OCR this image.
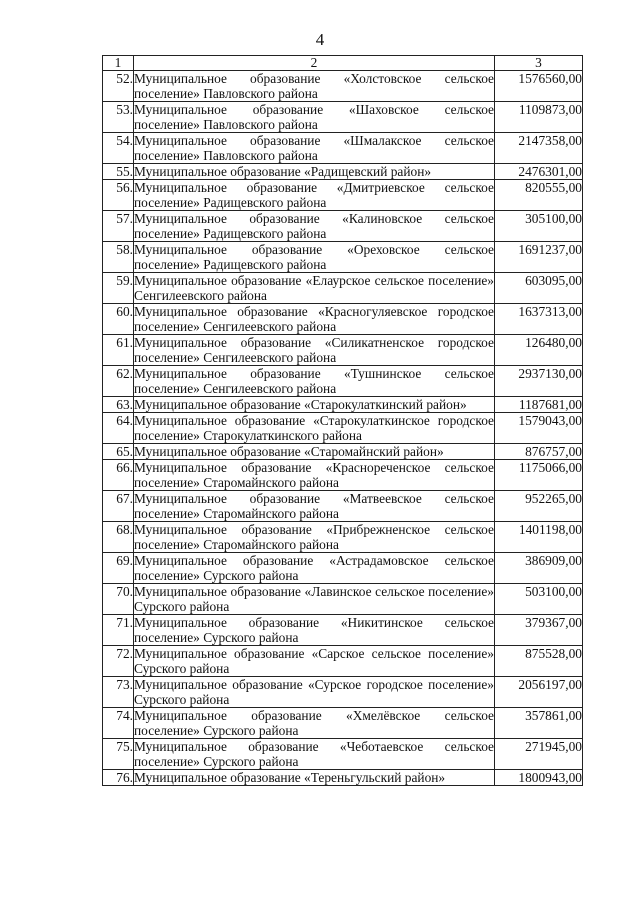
4
1	2	3
52.	Муниципальное образование «Холстовское сельское поселение» Павловского района	1576560,00
53.	Муниципальное образование «Шаховское сельское поселение» Павловского района	1109873,00
54.	Муниципальное образование «Шмалакское сельское поселение» Павловского района	2147358,00
55.	Муниципальное образование «Радищевский район»	2476301,00
56.	Муниципальное образование «Дмитриевское сельское поселение» Радищевского района	820555,00
57.	Муниципальное образование «Калиновское сельское поселение» Радищевского района	305100,00
58.	Муниципальное образование «Ореховское сельское поселение» Радищевского района	1691237,00
59.	Муниципальное образование «Елаурское сельское поселение» Сенгилеевского района	603095,00
60.	Муниципальное образование «Красногуляевское городское поселение» Сенгилеевского района	1637313,00
61.	Муниципальное образование «Силикатненское городское поселение» Сенгилеевского района	126480,00
62.	Муниципальное образование «Тушнинское сельское поселение» Сенгилеевского района	2937130,00
63.	Муниципальное образование «Старокулаткинский район»	1187681,00
64.	Муниципальное образование «Старокулаткинское городское поселение» Старокулаткинского района	1579043,00
65.	Муниципальное образование «Старомайнский район»	876757,00
66.	Муниципальное образование «Краснореченское сельское поселение» Старомайнского района	1175066,00
67.	Муниципальное образование «Матвеевское сельское поселение» Старомайнского района	952265,00
68.	Муниципальное образование «Прибрежненское сельское поселение» Старомайнского района	1401198,00
69.	Муниципальное образование «Астрадамовское сельское поселение» Сурского района	386909,00
70.	Муниципальное образование «Лавинское сельское поселение» Сурского района	503100,00
71.	Муниципальное образование «Никитинское сельское поселение» Сурского района	379367,00
72.	Муниципальное образование «Сарское сельское поселение» Сурского района	875528,00
73.	Муниципальное образование «Сурское городское поселение» Сурского района	2056197,00
74.	Муниципальное образование «Хмелёвское сельское поселение» Сурского района	357861,00
75.	Муниципальное образование «Чеботаевское сельское поселение» Сурского района	271945,00
76.	Муниципальное образование «Тереньгульский район»	1800943,00
